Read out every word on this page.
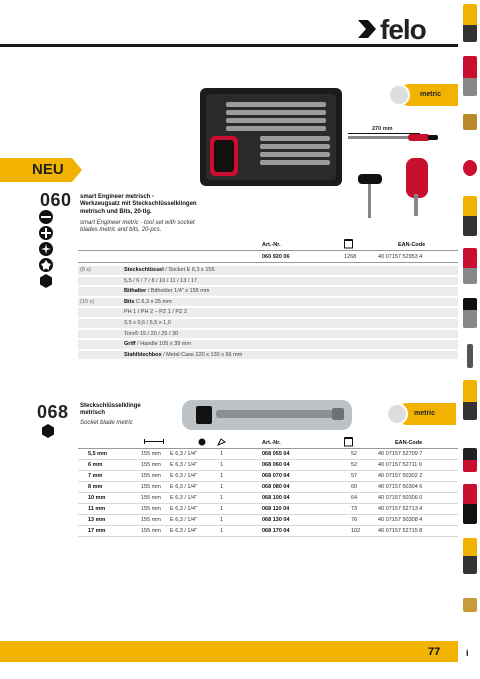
felo
NEU
metric
270 mm
060 smart Engineer metrisch -
Werkzeugsatz mit Steckschlüsselklingen
metrisch und Bits, 20-tlg.
smart Engineer metric - tool set with socket
blades metric and bits, 20-pcs.
Art.-Nr.	EAN-Code
060 920 06	1268	40 07157 52953 4
(8 x)	Steckschlüssel / Socket E 6,3 x 155
5,5 / 6 / 7 / 8 / 10 / 11 / 13 / 17
Bithalter / Bitholder 1/4" x 155 mm
(10 x)	Bits C 6,3 x 25 mm
PH 1 / PH 2 – PZ 1 / PZ 2
3,5 x 0,6 / 5,5 x 1,0
Torx® 15 / 20 / 25 / 30
Griff / Handle 105 x 39 mm
Stahlblechbox / Metal Case 220 x 130 x 56 mm
068 Steckschlüsselklinge
metrisch
Socket blade metric
metric
Art.-Nr.	EAN-Code
5,5 mm	155 mm E 6,3 / 1/4"	1	068 055 04	52	40 07157 52709 7
6 mm	155 mm E 6,3 / 1/4"	1	068 060 04	52	40 07157 52711 0
7 mm	155 mm E 6,3 / 1/4"	1	068 070 04	57	40 07157 50302 2
8 mm	155 mm E 6,3 / 1/4"	1	068 080 04	60	40 07157 50304 6
10 mm	155 mm E 6,3 / 1/4"	1	068 100 04	64	40 07157 50306 0
11 mm	155 mm E 6,3 / 1/4"	1	068 110 04	73	40 07157 52713 4
13 mm	155 mm E 6,3 / 1/4"	1	068 130 04	76	40 07157 50308 4
17 mm	155 mm E 6,3 / 1/4"	1	068 170 04	102	40 07157 52715 8
77	i
